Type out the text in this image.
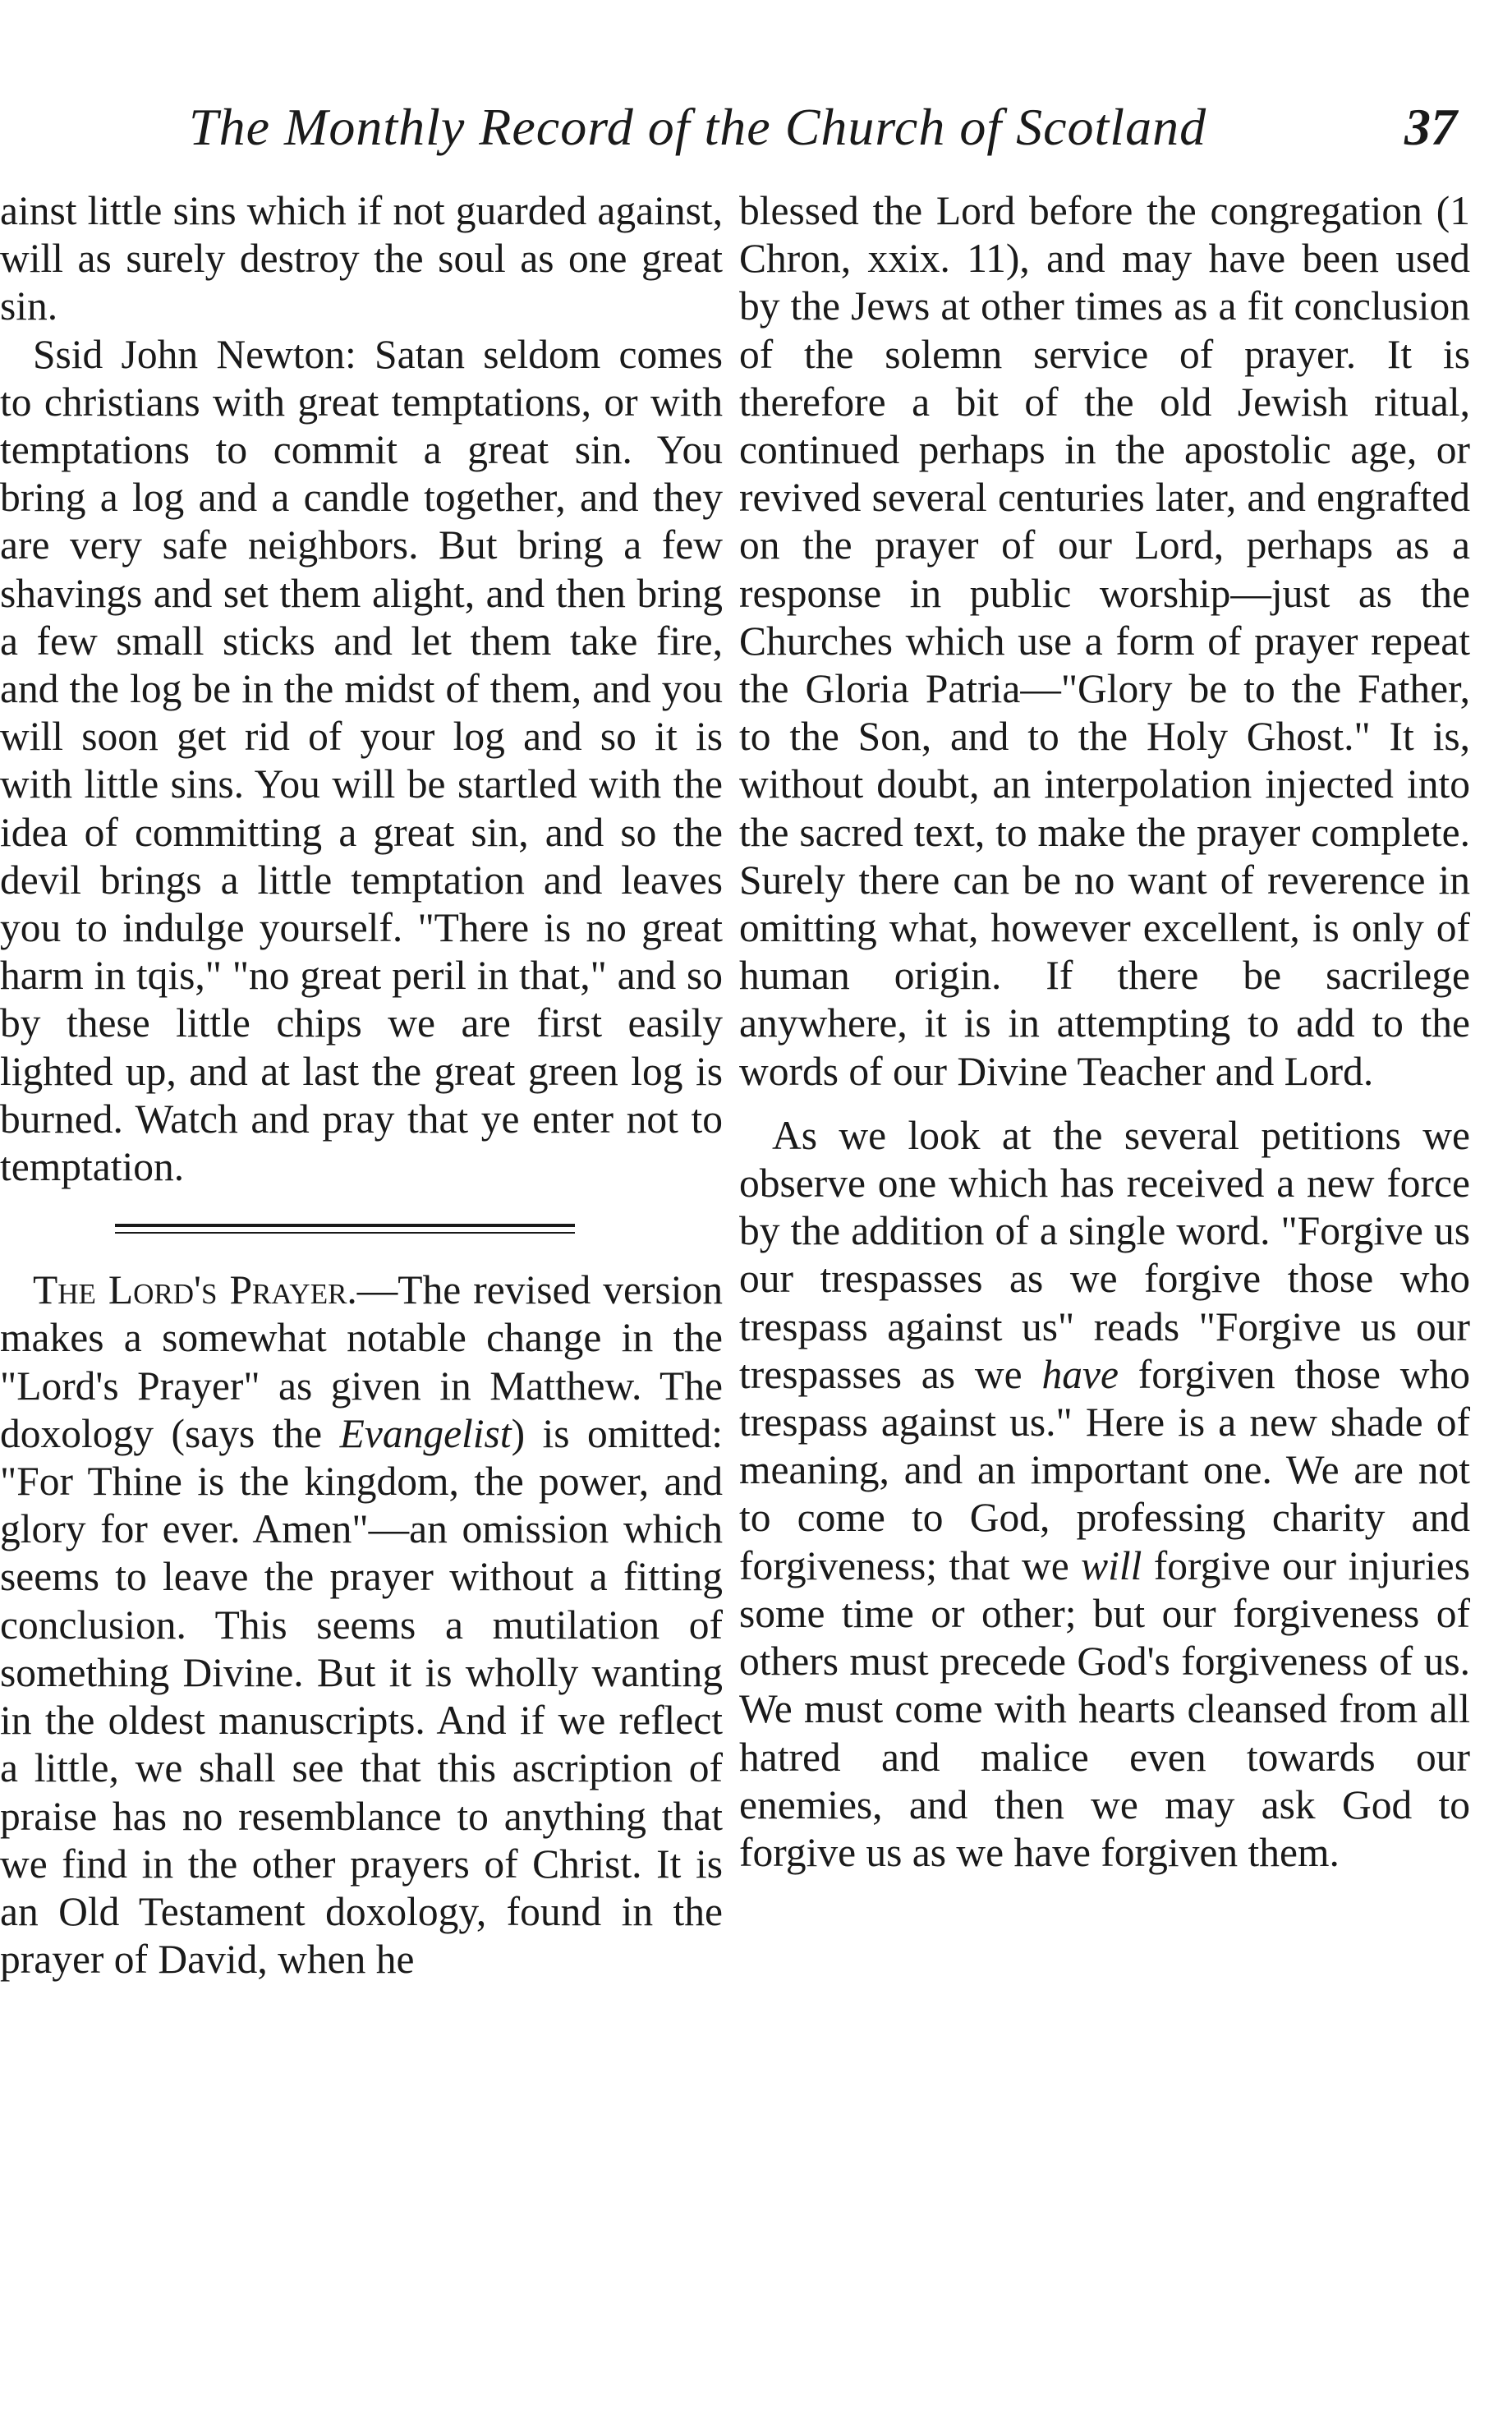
The Monthly Record of the Church of Scotland	37

ainst little sins which if not guarded against, will as surely destroy the soul as one great sin.

Ssid John Newton: Satan seldom comes to christians with great temptations, or with temptations to commit a great sin. You bring a log and a candle together, and they are very safe neighbors. But bring a few shavings and set them alight, and then bring a few small sticks and let them take fire, and the log be in the midst of them, and you will soon get rid of your log and so it is with little sins. You will be startled with the idea of committing a great sin, and so the devil brings a little temptation and leaves you to indulge yourself. "There is no great harm in tqis," "no great peril in that," and so by these little chips we are first easily lighted up, and at last the great green log is burned. Watch and pray that ye enter not to temptation.

The Lord's Prayer.—The revised version makes a somewhat notable change in the "Lord's Prayer" as given in Matthew. The doxology (says the Evangelist) is omitted: "For Thine is the kingdom, the power, and glory for ever. Amen"—an omission which seems to leave the prayer without a fitting conclusion. This seems a mutilation of something Divine. But it is wholly wanting in the oldest manuscripts. And if we reflect a little, we shall see that this ascription of praise has no resemblance to anything that we find in the other prayers of Christ. It is an Old Testament doxology, found in the prayer of David, when he

blessed the Lord before the congregation (1 Chron, xxix. 11), and may have been used by the Jews at other times as a fit conclusion of the solemn service of prayer. It is therefore a bit of the old Jewish ritual, continued perhaps in the apostolic age, or revived several centuries later, and engrafted on the prayer of our Lord, perhaps as a response in public worship—just as the Churches which use a form of prayer repeat the Gloria Patria—"Glory be to the Father, to the Son, and to the Holy Ghost." It is, without doubt, an interpolation injected into the sacred text, to make the prayer complete. Surely there can be no want of reverence in omitting what, however excellent, is only of human origin. If there be sacrilege anywhere, it is in attempting to add to the words of our Divine Teacher and Lord.

As we look at the several petitions we observe one which has received a new force by the addition of a single word. "Forgive us our trespasses as we forgive those who trespass against us" reads "Forgive us our trespasses as we have forgiven those who trespass against us." Here is a new shade of meaning, and an important one. We are not to come to God, professing charity and forgiveness; that we will forgive our injuries some time or other; but our forgiveness of others must precede God's forgiveness of us. We must come with hearts cleansed from all hatred and malice even towards our enemies, and then we may ask God to forgive us as we have forgiven them.
